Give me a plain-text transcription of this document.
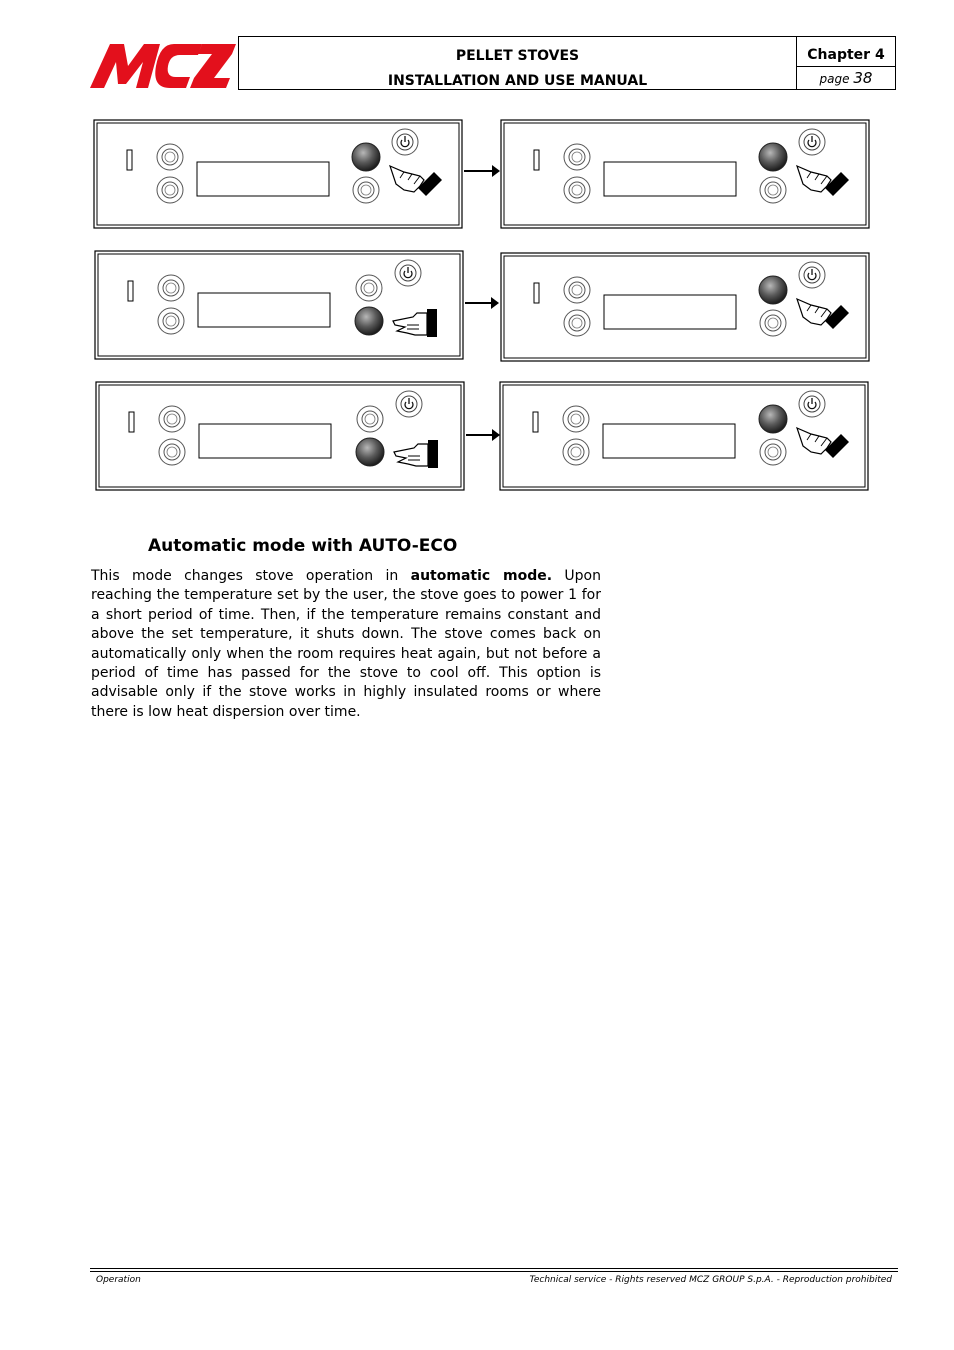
PELLET STOVES
INSTALLATION AND USE MANUAL
Chapter 4
page 38
Automatic mode with AUTO-ECO

This mode changes stove operation in automatic mode. Upon reaching the temperature set by the user, the stove goes to power 1 for a short period of time. Then, if the temperature remains constant and above the set temperature, it shuts down. The stove comes back on automatically only when the room requires heat again, but not before a period of time has passed for the stove to cool off. This option is advisable only if the stove works in highly insulated rooms or where there is low heat dispersion over time.

Operation	Technical service - Rights reserved MCZ GROUP S.p.A. - Reproduction prohibited
